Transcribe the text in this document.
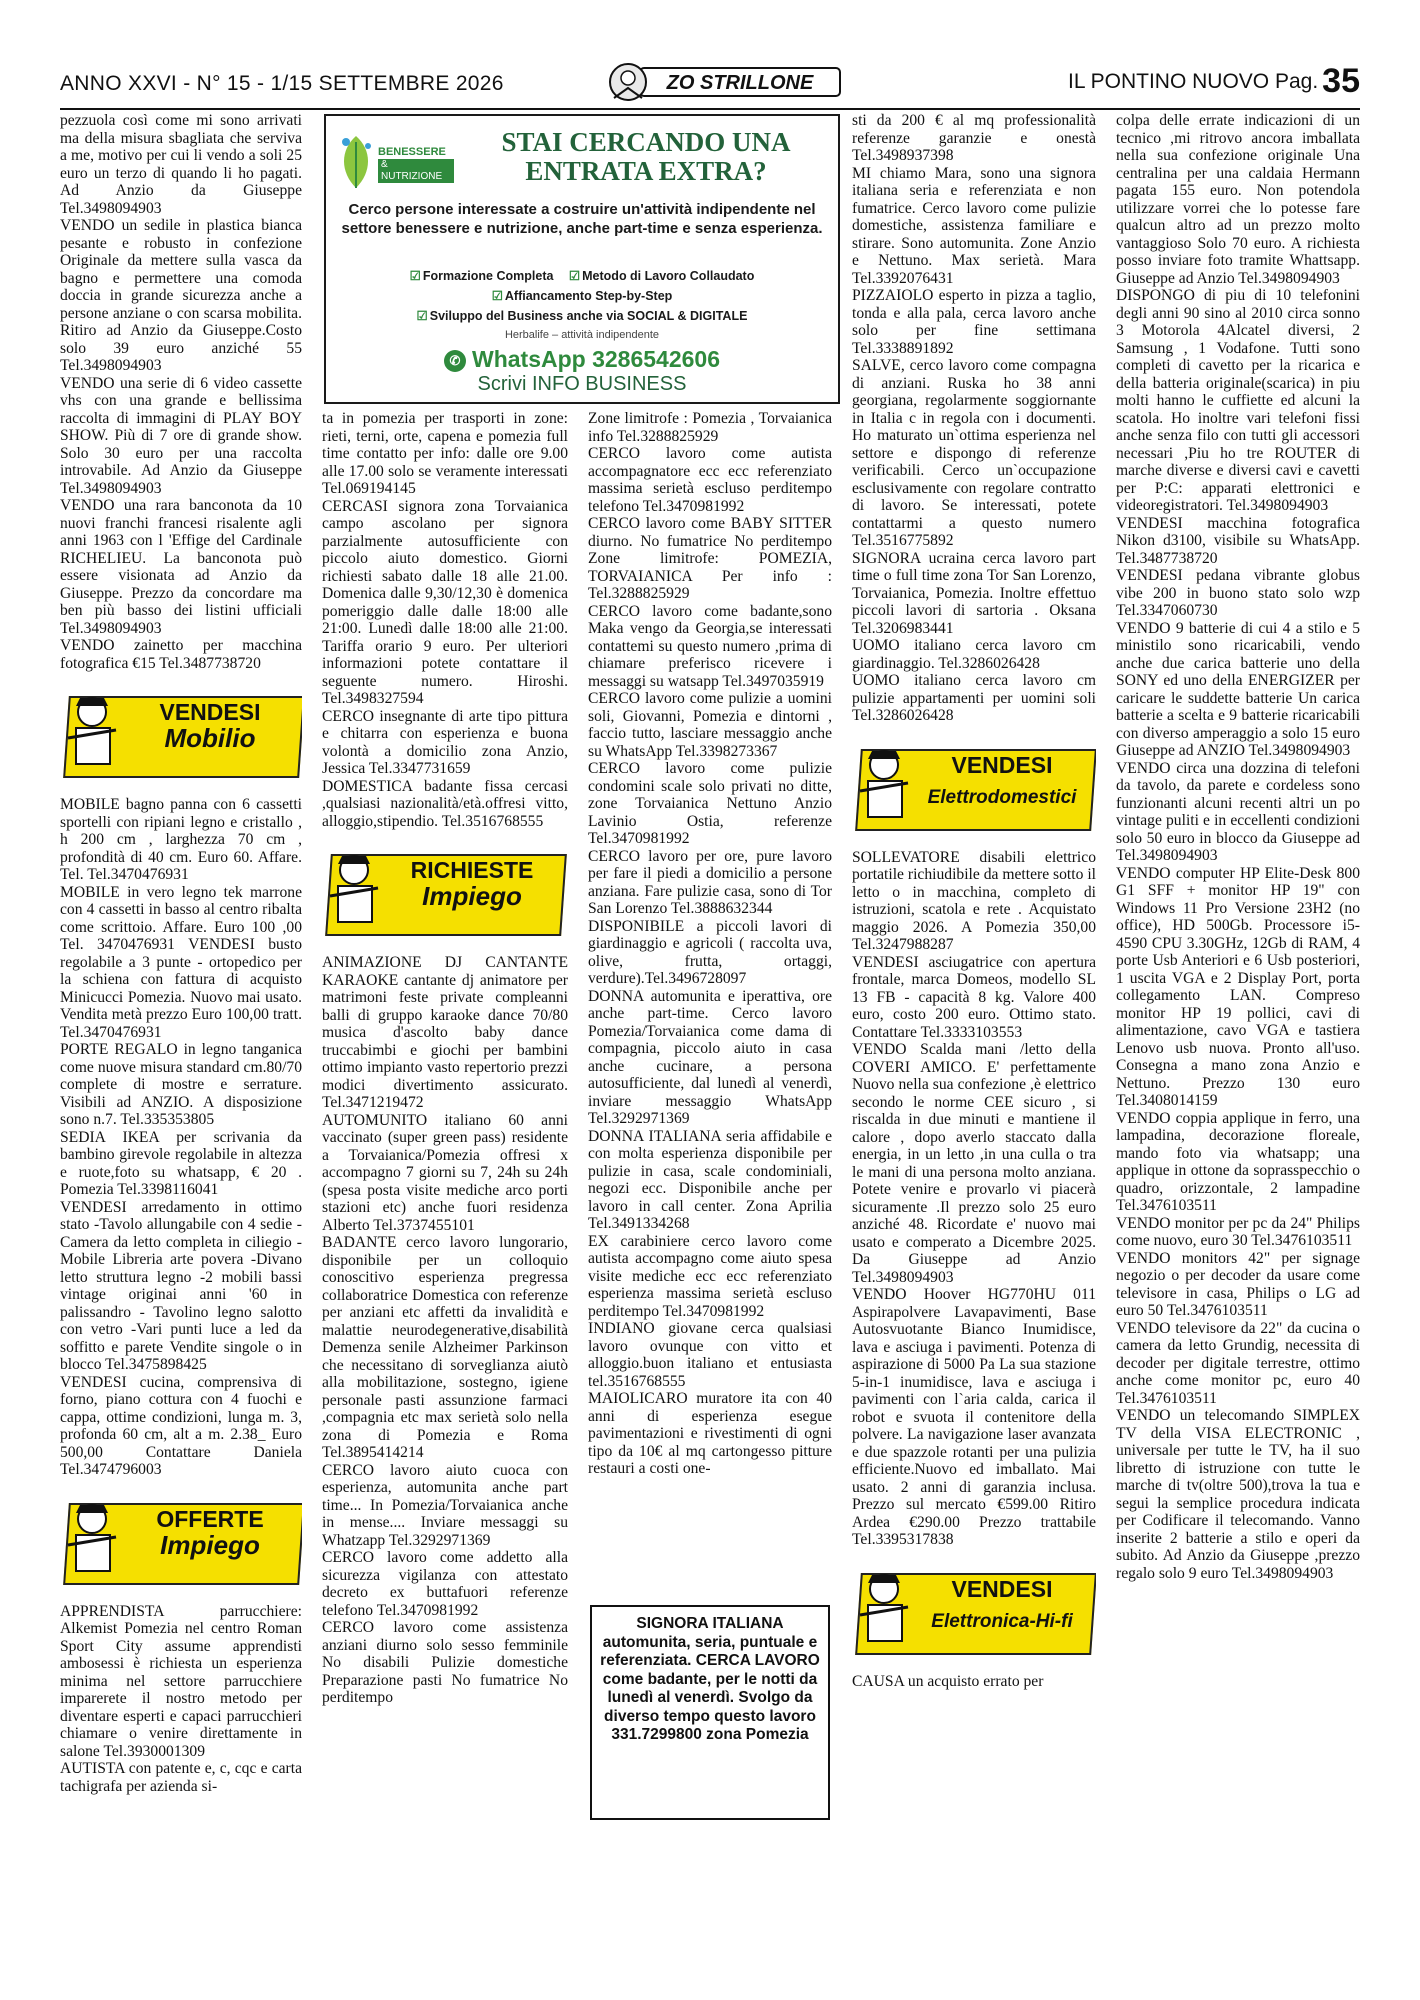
ANNO XXVI - N° 15 - 1/15 SETTEMBRE 2026	ZO STRILLONE	IL PONTINO NUOVO Pag. 35
BENESSERE
& NUTRIZIONE
STAI CERCANDO UNA ENTRATA EXTRA?
Cerco persone interessate a costruire un'attività indipendente nel settore benessere e nutrizione, anche part-time e senza esperienza.
☑ Formazione Completa ☑ Metodo di Lavoro Collaudato
☑ Affiancamento Step-by-Step
☑ Sviluppo del Business anche via SOCIAL & DIGITALE
Herbalife – attività indipendente
✆ WhatsApp 3286542606
Scrivi INFO BUSINESS

pezzuola così come mi sono arrivati ma della misura sbagliata che serviva a me, motivo per cui li vendo a soli 25 euro un terzo di quando li ho pagati. Ad Anzio da Giuseppe Tel.3498094903

VENDO un sedile in plastica bianca pesante e robusto in confezione Originale da mettere sulla vasca da bagno e permettere una comoda doccia in grande sicurezza anche a persone anziane o con scarsa mobilita. Ritiro ad Anzio da Giuseppe.Costo solo 39 euro anziché 55 Tel.3498094903

VENDO una serie di 6 video cassette vhs con una grande e bellissima raccolta di immagini di PLAY BOY SHOW. Più di 7 ore di grande show. Solo 30 euro per una raccolta introvabile. Ad Anzio da Giuseppe Tel.3498094903

VENDO una rara banconota da 10 nuovi franchi francesi risalente agli anni 1963 con l 'Effige del Cardinale RICHELIEU. La banconota può essere visionata ad Anzio da Giuseppe. Prezzo da concordare ma ben più basso dei listini ufficiali Tel.3498094903

VENDO zainetto per macchina fotografica €15 Tel.3487738720

VENDESI
Mobilio

MOBILE bagno panna con 6 cassetti sportelli con ripiani legno e cristallo , h 200 cm , larghezza 70 cm , profondità di 40 cm. Euro 60. Affare. Tel. Tel.3470476931

MOBILE in vero legno tek marrone con 4 cassetti in basso al centro ribalta come scrittoio. Affare. Euro 100 ,00 Tel. 3470476931 VENDESI busto regolabile a 3 punte - ortopedico per la schiena con fattura di acquisto Minicucci Pomezia. Nuovo mai usato. Vendita metà prezzo Euro 100,00 tratt. Tel.3470476931

PORTE REGALO in legno tanganica come nuove misura standard cm.80/70 complete di mostre e serrature. Visibili ad ANZIO. A disposizione sono n.7. Tel.335353805

SEDIA IKEA per scrivania da bambino girevole regolabile in altezza e ruote,foto su whatsapp, € 20 . Pomezia Tel.3398116041

VENDESI arredamento in ottimo stato -Tavolo allungabile con 4 sedie -Camera da letto completa in ciliegio -Mobile Libreria arte povera -Divano letto struttura legno -2 mobili bassi vintage originai anni '60 in palissandro - Tavolino legno salotto con vetro -Vari punti luce a led da soffitto e parete Vendite singole o in blocco Tel.3475898425

VENDESI cucina, comprensiva di forno, piano cottura con 4 fuochi e cappa, ottime condizioni, lunga m. 3, profonda 60 cm, alt a m. 2.38_ Euro 500,00 Contattare Daniela Tel.3474796003

OFFERTE
Impiego

APPRENDISTA parrucchiere: Alkemist Pomezia nel centro Roman Sport City assume apprendisti ambosessi è richiesta un esperienza minima nel settore parrucchiere imparerete il nostro metodo per diventare esperti e capaci parrucchieri chiamare o venire direttamente in salone Tel.3930001309

AUTISTA con patente e, c, cqc e carta tachigrafa per azienda si-

ta in pomezia per trasporti in zone: rieti, terni, orte, capena e pomezia full time contatto per info: dalle ore 9.00 alle 17.00 solo se veramente interessati Tel.069194145

CERCASI signora zona Torvaianica campo ascolano per signora parzialmente autosufficiente con piccolo aiuto domestico. Giorni richiesti sabato dalle 18 alle 21.00. Domenica dalle 9,30/12,30 è domenica pomeriggio dalle dalle 18:00 alle 21:00. Lunedì dalle 18:00 alle 21:00. Tariffa orario 9 euro. Per ulteriori informazioni potete contattare il seguente numero. Hiroshi. Tel.3498327594

CERCO insegnante di arte tipo pittura e chitarra con esperienza e buona volontà a domicilio zona Anzio, Jessica Tel.3347731659

DOMESTICA badante fissa cercasi ,qualsiasi nazionalità/età.offresi vitto, alloggio,stipendio. Tel.3516768555

RICHIESTE
Impiego

ANIMAZIONE DJ CANTANTE KARAOKE cantante dj animatore per matrimoni feste private compleanni balli di gruppo karaoke dance 70/80 musica d'ascolto baby dance truccabimbi e giochi per bambini ottimo impianto vasto repertorio prezzi modici divertimento assicurato. Tel.3471219472

AUTOMUNITO italiano 60 anni vaccinato (super green pass) residente a Torvaianica/Pomezia offresi x accompagno 7 giorni su 7, 24h su 24h (spesa posta visite mediche arco porti stazioni etc) anche fuori residenza Alberto Tel.3737455101

BADANTE cerco lavoro lungorario, disponibile per un colloquio conoscitivo esperienza pregressa collaboratrice Domestica con referenze per anziani etc affetti da invalidità e malattie neurodegenerative,disabilità Demenza senile Alzheimer Parkinson che necessitano di sorveglianza aiutò alla mobilitazione, sostegno, igiene personale pasti assunzione farmaci ,compagnia etc max serietà solo nella zona di Pomezia e Roma Tel.3895414214

CERCO lavoro aiuto cuoca con esperienza, automunita anche part time... In Pomezia/Torvaianica anche in mense.... Inviare messaggi su Whatzapp Tel.3292971369

CERCO lavoro come addetto alla sicurezza vigilanza con attestato decreto ex buttafuori referenze telefono Tel.3470981992

CERCO lavoro come assistenza anziani diurno solo sesso femminile No disabili Pulizie domestiche Preparazione pasti No fumatrice No perditempo

Zone limitrofe : Pomezia , Torvaianica info Tel.3288825929

CERCO lavoro come autista accompagnatore ecc ecc referenziato massima serietà escluso perditempo telefono Tel.3470981992

CERCO lavoro come BABY SITTER diurno. No fumatrice No perditempo Zone limitrofe: POMEZIA, TORVAIANICA Per info : Tel.3288825929

CERCO lavoro come badante,sono Maka vengo da Georgia,se interessati contattemi su questo numero ,prima di chiamare preferisco ricevere i messaggi su watsapp Tel.3497035919

CERCO lavoro come pulizie a uomini soli, Giovanni, Pomezia e dintorni , faccio tutto, lasciare messaggio anche su WhatsApp Tel.3398273367

CERCO lavoro come pulizie condomini scale solo privati no ditte, zone Torvaianica Nettuno Anzio Lavinio Ostia, referenze Tel.3470981992

CERCO lavoro per ore, pure lavoro per fare il piedi a domicilio a persone anziana. Fare pulizie casa, sono di Tor San Lorenzo Tel.3888632344

DISPONIBILE a piccoli lavori di giardinaggio e agricoli ( raccolta uva, olive, frutta, ortaggi, verdure).Tel.3496728097

DONNA automunita e iperattiva, ore anche part-time. Cerco lavoro Pomezia/Torvaianica come dama di compagnia, piccolo aiuto in casa anche cucinare, a persona autosufficiente, dal lunedì al venerdì, inviare messaggio WhatsApp Tel.3292971369

DONNA ITALIANA seria affidabile e con molta esperienza disponibile per pulizie in casa, scale condominiali, negozi ecc. Disponibile anche per lavoro in call center. Zona Aprilia Tel.3491334268

EX carabiniere cerco lavoro come autista accompagno come aiuto spesa visite mediche ecc ecc referenziato esperienza massima serietà escluso perditempo Tel.3470981992

INDIANO giovane cerca qualsiasi lavoro ovunque con vitto et alloggio.buon italiano et entusiasta tel.3516768555

MAIOLICARO muratore ita con 40 anni di esperienza esegue pavimentazioni e rivestimenti di ogni tipo da 10€ al mq cartongesso pitture restauri a costi one-

SIGNORA ITALIANA automunita, seria, puntuale e referenziata. CERCA LAVORO come badante, per le notti da lunedì al venerdì. Svolgo da diverso tempo questo lavoro 331.7299800 zona Pomezia

sti da 200 € al mq professionalità referenze garanzie e onestà Tel.3498937398

MI chiamo Mara, sono una signora italiana seria e referenziata e non fumatrice. Cerco lavoro come pulizie domestiche, assistenza familiare e stirare. Sono automunita. Zone Anzio e Nettuno. Max serietà. Mara Tel.3392076431

PIZZAIOLO esperto in pizza a taglio, tonda e alla pala, cerca lavoro anche solo per fine settimana Tel.3338891892

SALVE, cerco lavoro come compagna di anziani. Ruska ho 38 anni georgiana, regolarmente soggiornante in Italia c in regola con i documenti. Ho maturato un`ottima esperienza nel settore e dispongo di referenze verificabili. Cerco un`occupazione esclusivamente con regolare contratto di lavoro. Se interessati, potete contattarmi a questo numero Tel.3516775892

SIGNORA ucraina cerca lavoro part time o full time zona Tor San Lorenzo, Torvaianica, Pomezia. Inoltre effettuo piccoli lavori di sartoria . Oksana Tel.3206983441

UOMO italiano cerca lavoro cm giardinaggio. Tel.3286026428

UOMO italiano cerca lavoro cm pulizie appartamenti per uomini soli Tel.3286026428

VENDESI
Elettrodomestici

SOLLEVATORE disabili elettrico portatile richiudibile da mettere sotto il letto o in macchina, completo di istruzioni, scatola e rete . Acquistato maggio 2026. A Pomezia 350,00 Tel.3247988287

VENDESI asciugatrice con apertura frontale, marca Domeos, modello SL 13 FB - capacità 8 kg. Valore 400 euro, costo 200 euro. Ottimo stato. Contattare Tel.3333103553

VENDO Scalda mani /letto della COVERI AMICO. E' perfettamente Nuovo nella sua confezione ,è elettrico secondo le norme CEE sicuro , si riscalda in due minuti e mantiene il calore , dopo averlo staccato dalla energia, in un letto ,in una culla o tra le mani di una persona molto anziana. Potete venire e provarlo vi piacerà sicuramente .Il prezzo solo 25 euro anziché 48. Ricordate e' nuovo mai usato e comperato a Dicembre 2025. Da Giuseppe ad Anzio Tel.3498094903

VENDO Hoover HG770HU 011 Aspirapolvere Lavapavimenti, Base Autosvuotante Bianco Inumidisce, lava e asciuga i pavimenti. Potenza di aspirazione di 5000 Pa La sua stazione 5-in-1 inumidisce, lava e asciuga i pavimenti con l`aria calda, carica il robot e svuota il contenitore della polvere. La navigazione laser avanzata e due spazzole rotanti per una pulizia efficiente.Nuovo ed imballato. Mai usato. 2 anni di garanzia inclusa. Prezzo sul mercato €599.00 Ritiro Ardea €290.00 Prezzo trattabile Tel.3395317838

VENDESI
Elettronica-Hi-fi

CAUSA un acquisto errato per

colpa delle errate indicazioni di un tecnico ,mi ritrovo ancora imballata nella sua confezione originale Una centralina per una caldaia Hermann pagata 155 euro. Non potendola utilizzare vorrei che lo potesse fare qualcun altro ad un prezzo molto vantaggioso Solo 70 euro. A richiesta posso inviare foto tramite Whattsapp. Giuseppe ad Anzio Tel.3498094903

DISPONGO di piu di 10 telefonini degli anni 90 sino al 2010 circa sonno 3 Motorola 4Alcatel diversi, 2 Samsung , 1 Vodafone. Tutti sono completi di cavetto per la ricarica e della batteria originale(scarica) in piu molti hanno le cuffiette ed alcuni la scatola. Ho inoltre vari telefoni fissi anche senza filo con tutti gli accessori necessari ,Piu ho tre ROUTER di marche diverse e diversi cavi e cavetti per P:C: apparati elettronici e videoregistratori. Tel.3498094903

VENDESI macchina fotografica Nikon d3100, visibile su WhatsApp. Tel.3487738720

VENDESI pedana vibrante globus vibe 200 in buono stato solo wzp Tel.3347060730

VENDO 9 batterie di cui 4 a stilo e 5 ministilo sono ricaricabili, vendo anche due carica batterie uno della SONY ed uno della ENERGIZER per caricare le suddette batterie Un carica batterie a scelta e 9 batterie ricaricabili con diverso amperaggio a solo 15 euro Giuseppe ad ANZIO Tel.3498094903

VENDO circa una dozzina di telefoni da tavolo, da parete e cordeless sono funzionanti alcuni recenti altri un po vintage puliti e in eccellenti condizioni solo 50 euro in blocco da Giuseppe ad Tel.3498094903

VENDO computer HP Elite-Desk 800 G1 SFF + monitor HP 19" con Windows 11 Pro Versione 23H2 (no office), HD 500Gb. Processore i5-4590 CPU 3.30GHz, 12Gb di RAM, 4 porte Usb Anteriori e 6 Usb posteriori, 1 uscita VGA e 2 Display Port, porta collegamento LAN. Compreso monitor HP 19 pollici, cavi di alimentazione, cavo VGA e tastiera Lenovo usb nuova. Pronto all'uso. Consegna a mano zona Anzio e Nettuno. Prezzo 130 euro Tel.3408014159

VENDO coppia applique in ferro, una lampadina, decorazione floreale, mando foto via whatsapp; una applique in ottone da soprasspecchio o quadro, orizzontale, 2 lampadine Tel.3476103511

VENDO monitor per pc da 24" Philips come nuovo, euro 30 Tel.3476103511

VENDO monitors 42" per signage negozio o per decoder da usare come televisore in casa, Philips o LG ad euro 50 Tel.3476103511

VENDO televisore da 22" da cucina o camera da letto Grundig, necessita di decoder per digitale terrestre, ottimo anche come monitor pc, euro 40 Tel.3476103511

VENDO un telecomando SIMPLEX TV della VISA ELECTRONIC , universale per tutte le TV, ha il suo libretto di istruzione con tutte le marche di tv(oltre 500),trova la tua e segui la semplice procedura indicata per Codificare il telecomando. Vanno inserite 2 batterie a stilo e operi da subito. Ad Anzio da Giuseppe ,prezzo regalo solo 9 euro Tel.3498094903
